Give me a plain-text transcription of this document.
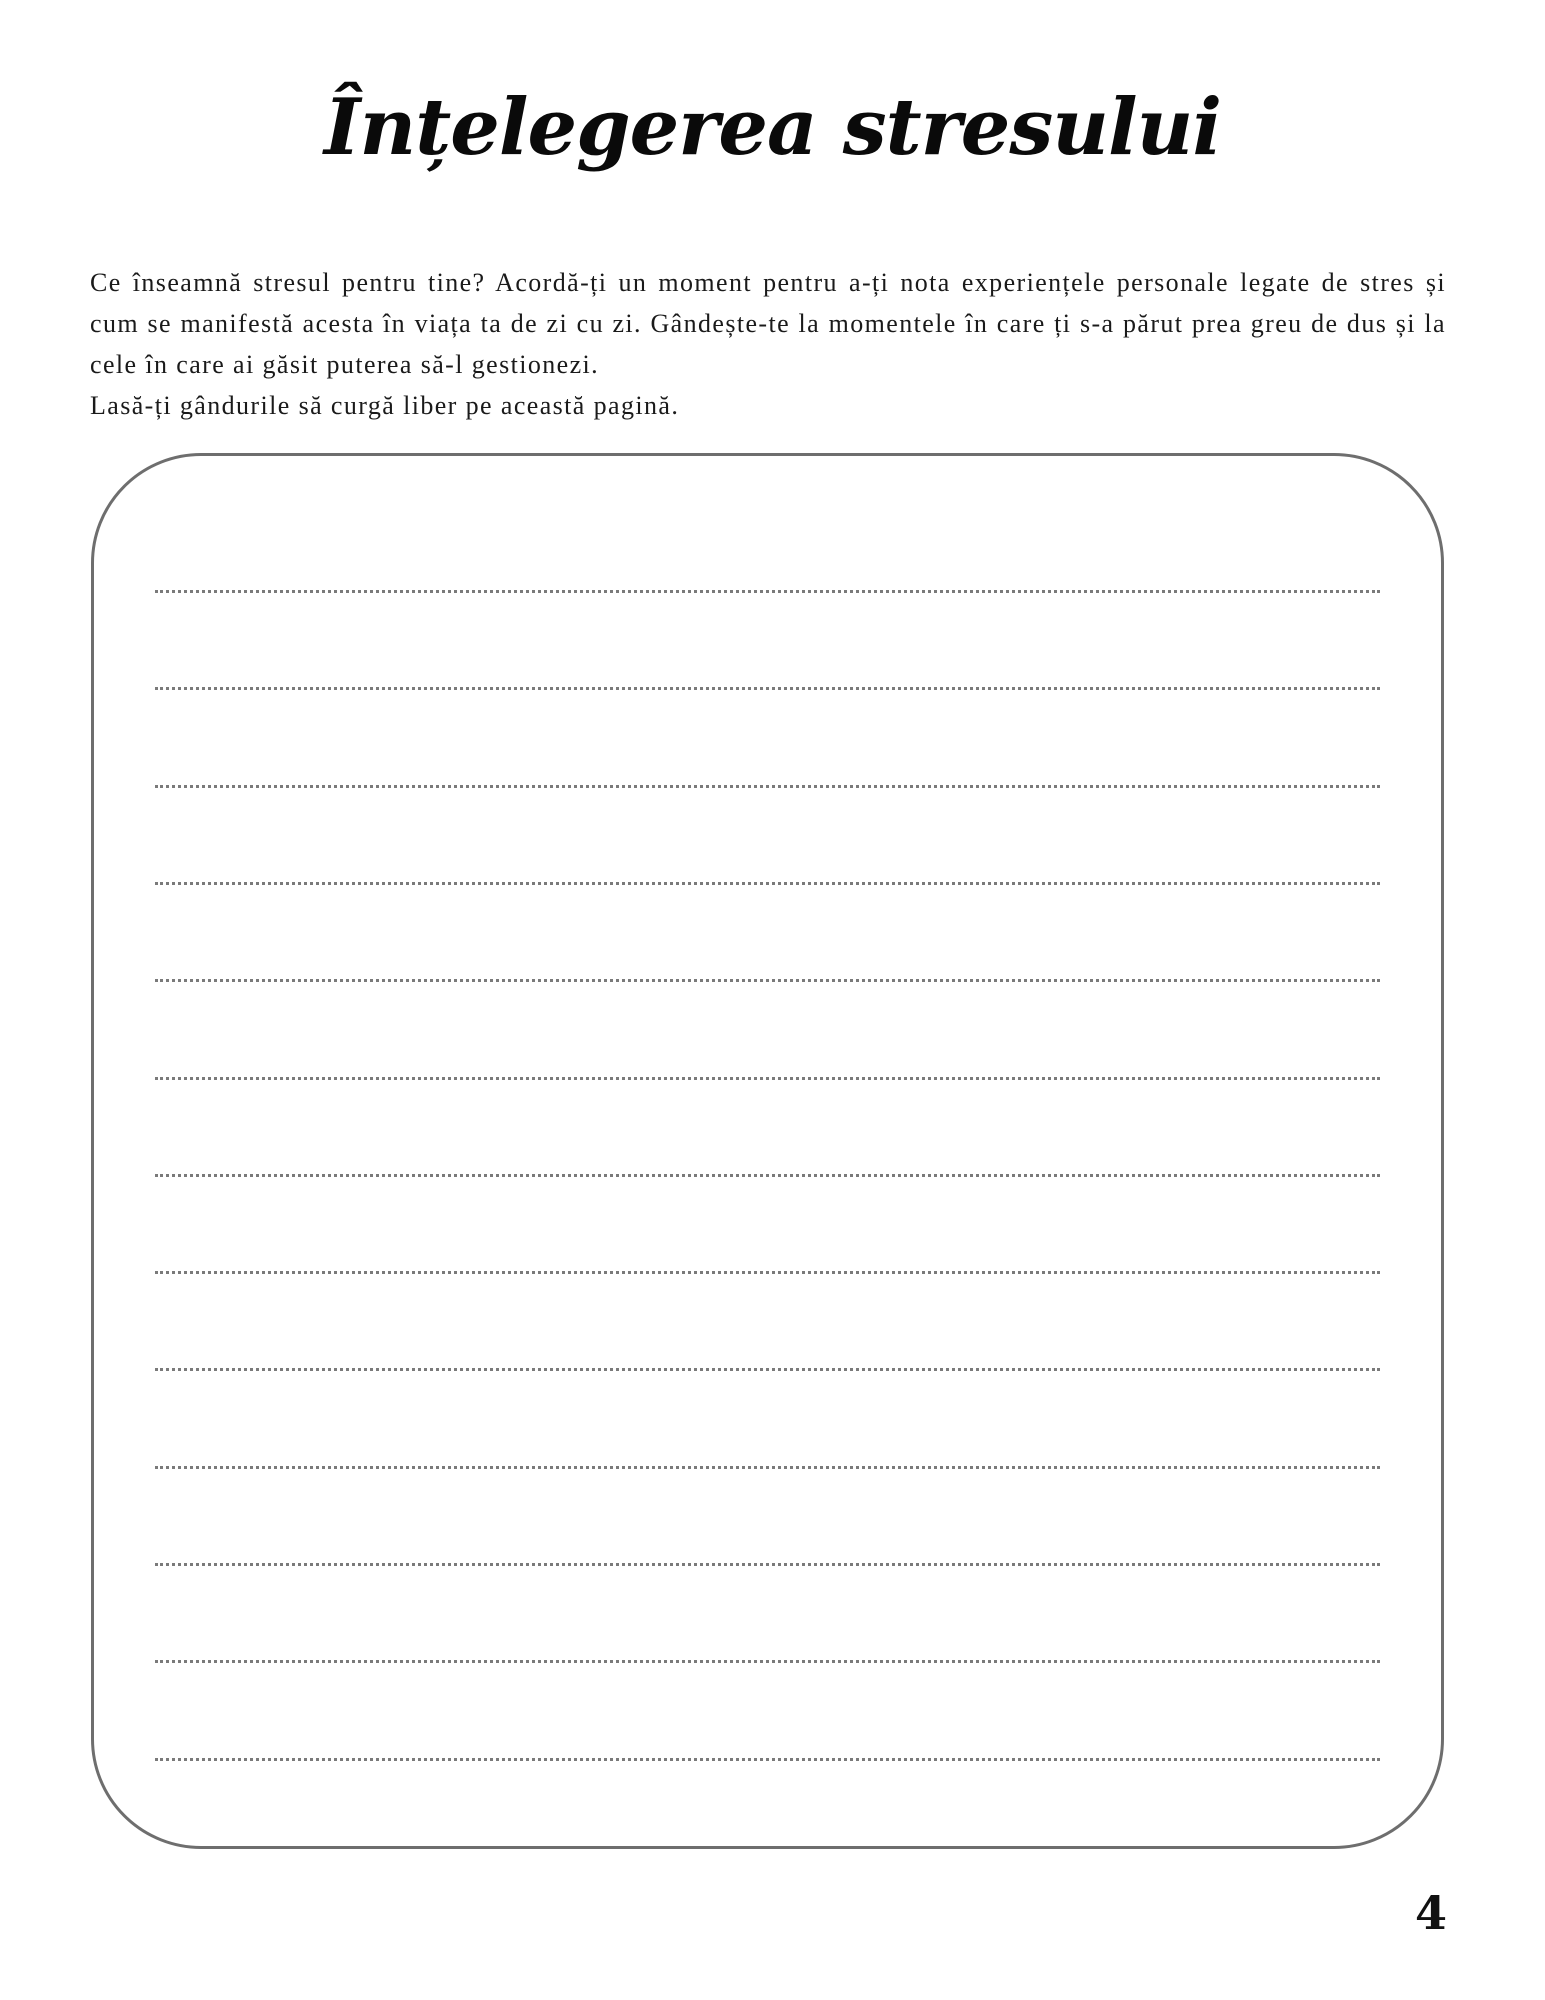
Înțelegerea stresului

Ce înseamnă stresul pentru tine? Acordă-ți un moment pentru a-ți nota experiențele personale legate de stres și cum se manifestă acesta în viața ta de zi cu zi. Gândește-te la momentele în care ți s-a părut prea greu de dus și la cele în care ai găsit puterea să-l gestionezi.

Lasă-ți gândurile să curgă liber pe această pagină.

4
